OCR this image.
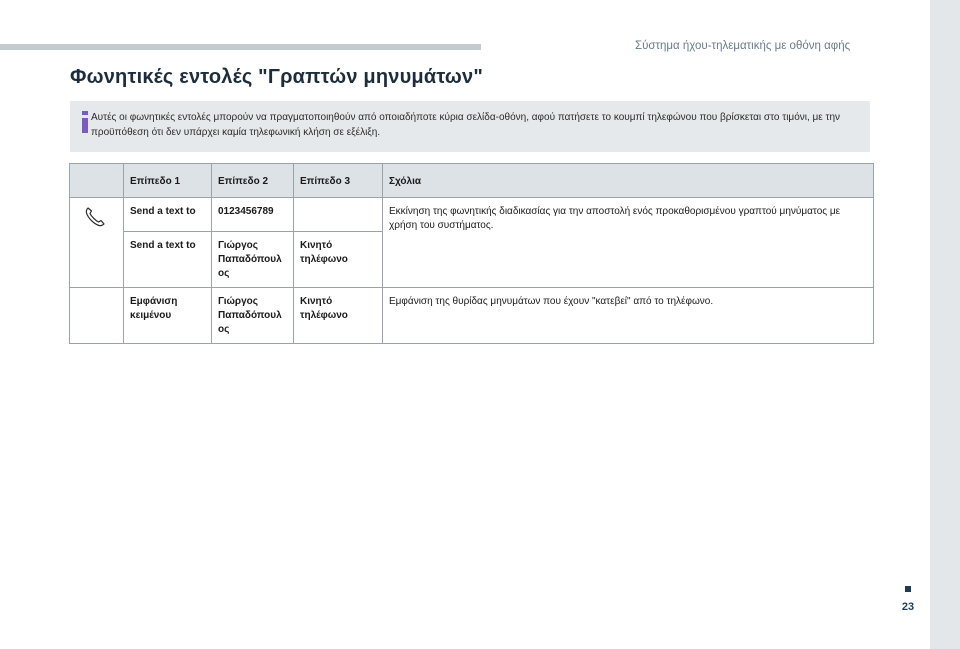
Σύστημα ήχου-τηλεματικής με οθόνη αφής
Φωνητικές εντολές "Γραπτών μηνυμάτων"
Αυτές οι φωνητικές εντολές μπορούν να πραγματοποιηθούν από οποιαδήποτε κύρια σελίδα-οθόνη, αφού πατήσετε το κουμπί τηλεφώνου που βρίσκεται στο τιμόνι, με την προϋπόθεση ότι δεν υπάρχει καμία τηλεφωνική κλήση σε εξέλιξη.
	Επίπεδο 1	Επίπεδο 2	Επίπεδο 3	Σχόλια

	Send a text to	0123456789		Εκκίνηση της φωνητικής διαδικασίας για την αποστολή ενός προκαθορισμένου γραπτού μηνύματος με χρήση του συστήματος.
	Send a text to	Γιώργος Παπαδόπουλος	Κινητό τηλέφωνο	
	Εμφάνιση κειμένου	Γιώργος Παπαδόπουλος	Κινητό τηλέφωνο	Εμφάνιση της θυρίδας μηνυμάτων που έχουν "κατεβεί" από το τηλέφωνο.
23
